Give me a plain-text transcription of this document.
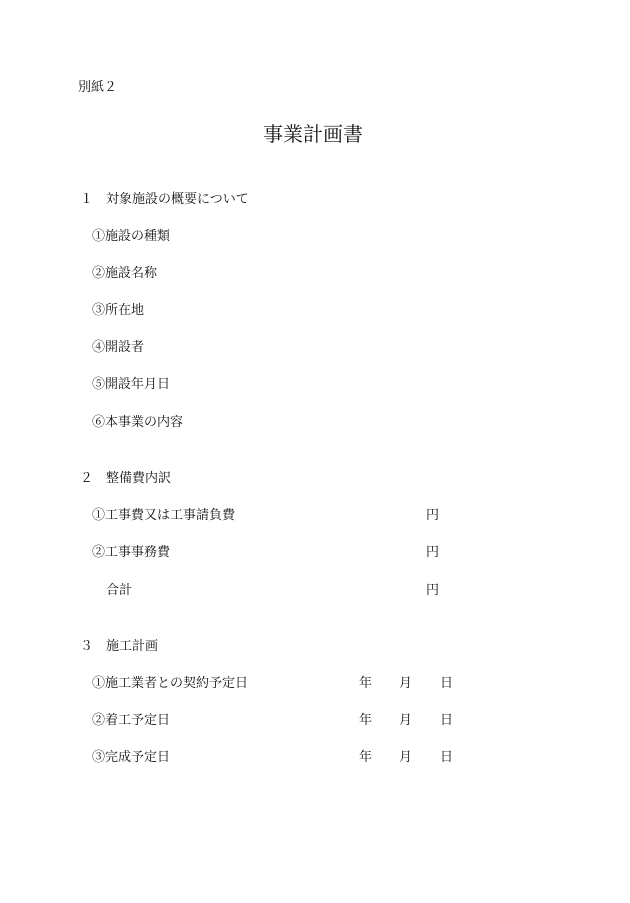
別紙２
事業計画書
１ 対象施設の概要について
①施設の種類
②施設名称
③所在地
④開設者
⑤開設年月日
⑥本事業の内容
２ 整備費内訳
①工事費又は工事請負費	円
②工事事務費	円
合計	円
３ 施工計画
①施工業者との契約予定日	年 月 日
②着工予定日	年 月 日
③完成予定日	年 月 日
